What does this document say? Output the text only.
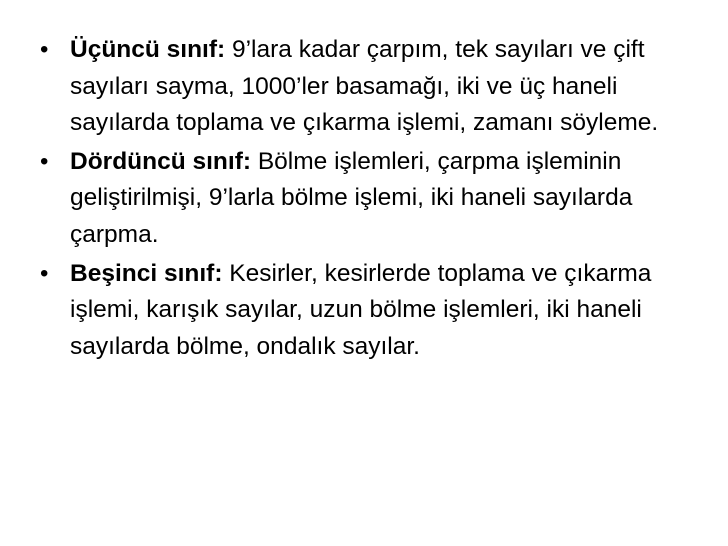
• Üçüncü sınıf: 9’lara kadar çarpım, tek sayıları ve çift sayıları sayma, 1000’ler basamağı, iki ve üç haneli sayılarda toplama ve çıkarma işlemi, zamanı söyleme.
• Dördüncü sınıf: Bölme işlemleri, çarpma işleminin geliştirilmişi, 9’larla bölme işlemi, iki haneli sayılarda çarpma.
• Beşinci sınıf: Kesirler, kesirlerde toplama ve çıkarma işlemi, karışık sayılar, uzun bölme işlemleri, iki haneli sayılarda bölme, ondalık sayılar.
